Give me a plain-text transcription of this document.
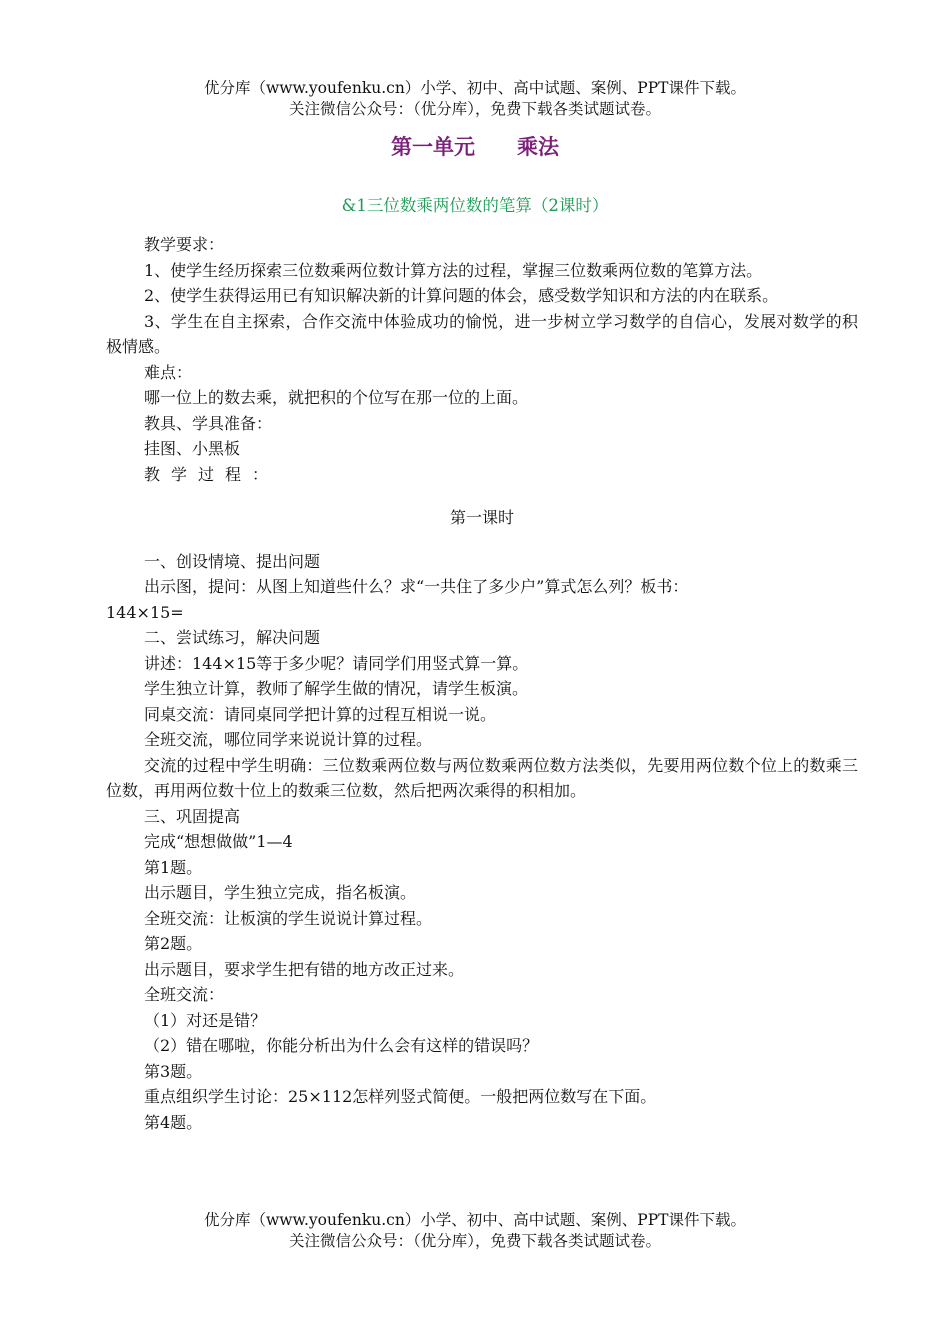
优分库（www.youfenku.cn）小学、初中、高中试题、案例、PPT课件下载。
关注微信公众号：（优分库），免费下载各类试题试卷。
第一单元　　乘法
&1三位数乘两位数的笔算（2课时）

教学要求：

1、使学生经历探索三位数乘两位数计算方法的过程，掌握三位数乘两位数的笔算方法。

2、使学生获得运用已有知识解决新的计算问题的体会，感受数学知识和方法的内在联系。

3、学生在自主探索，合作交流中体验成功的愉悦，进一步树立学习数学的自信心，发展对数学的积极情感。

难点：

哪一位上的数去乘，就把积的个位写在那一位的上面。

教具、学具准备：

挂图、小黑板

教学过程：

第一课时

一、创设情境、提出问题

出示图，提问：从图上知道些什么？求“一共住了多少户”算式怎么列？板书：

144×15=

二、尝试练习，解决问题

讲述：144×15等于多少呢？请同学们用竖式算一算。

学生独立计算，教师了解学生做的情况，请学生板演。

同桌交流：请同桌同学把计算的过程互相说一说。

全班交流，哪位同学来说说计算的过程。

交流的过程中学生明确：三位数乘两位数与两位数乘两位数方法类似，先要用两位数个位上的数乘三位数，再用两位数十位上的数乘三位数，然后把两次乘得的积相加。

三、巩固提高

完成“想想做做”1—4

第1题。

出示题目，学生独立完成，指名板演。

全班交流：让板演的学生说说计算过程。

第2题。

出示题目，要求学生把有错的地方改正过来。

全班交流：

（1）对还是错？

（2）错在哪啦，你能分析出为什么会有这样的错误吗？

第3题。

重点组织学生讨论：25×112怎样列竖式简便。一般把两位数写在下面。

第4题。

优分库（www.youfenku.cn）小学、初中、高中试题、案例、PPT课件下载。
关注微信公众号：（优分库），免费下载各类试题试卷。
